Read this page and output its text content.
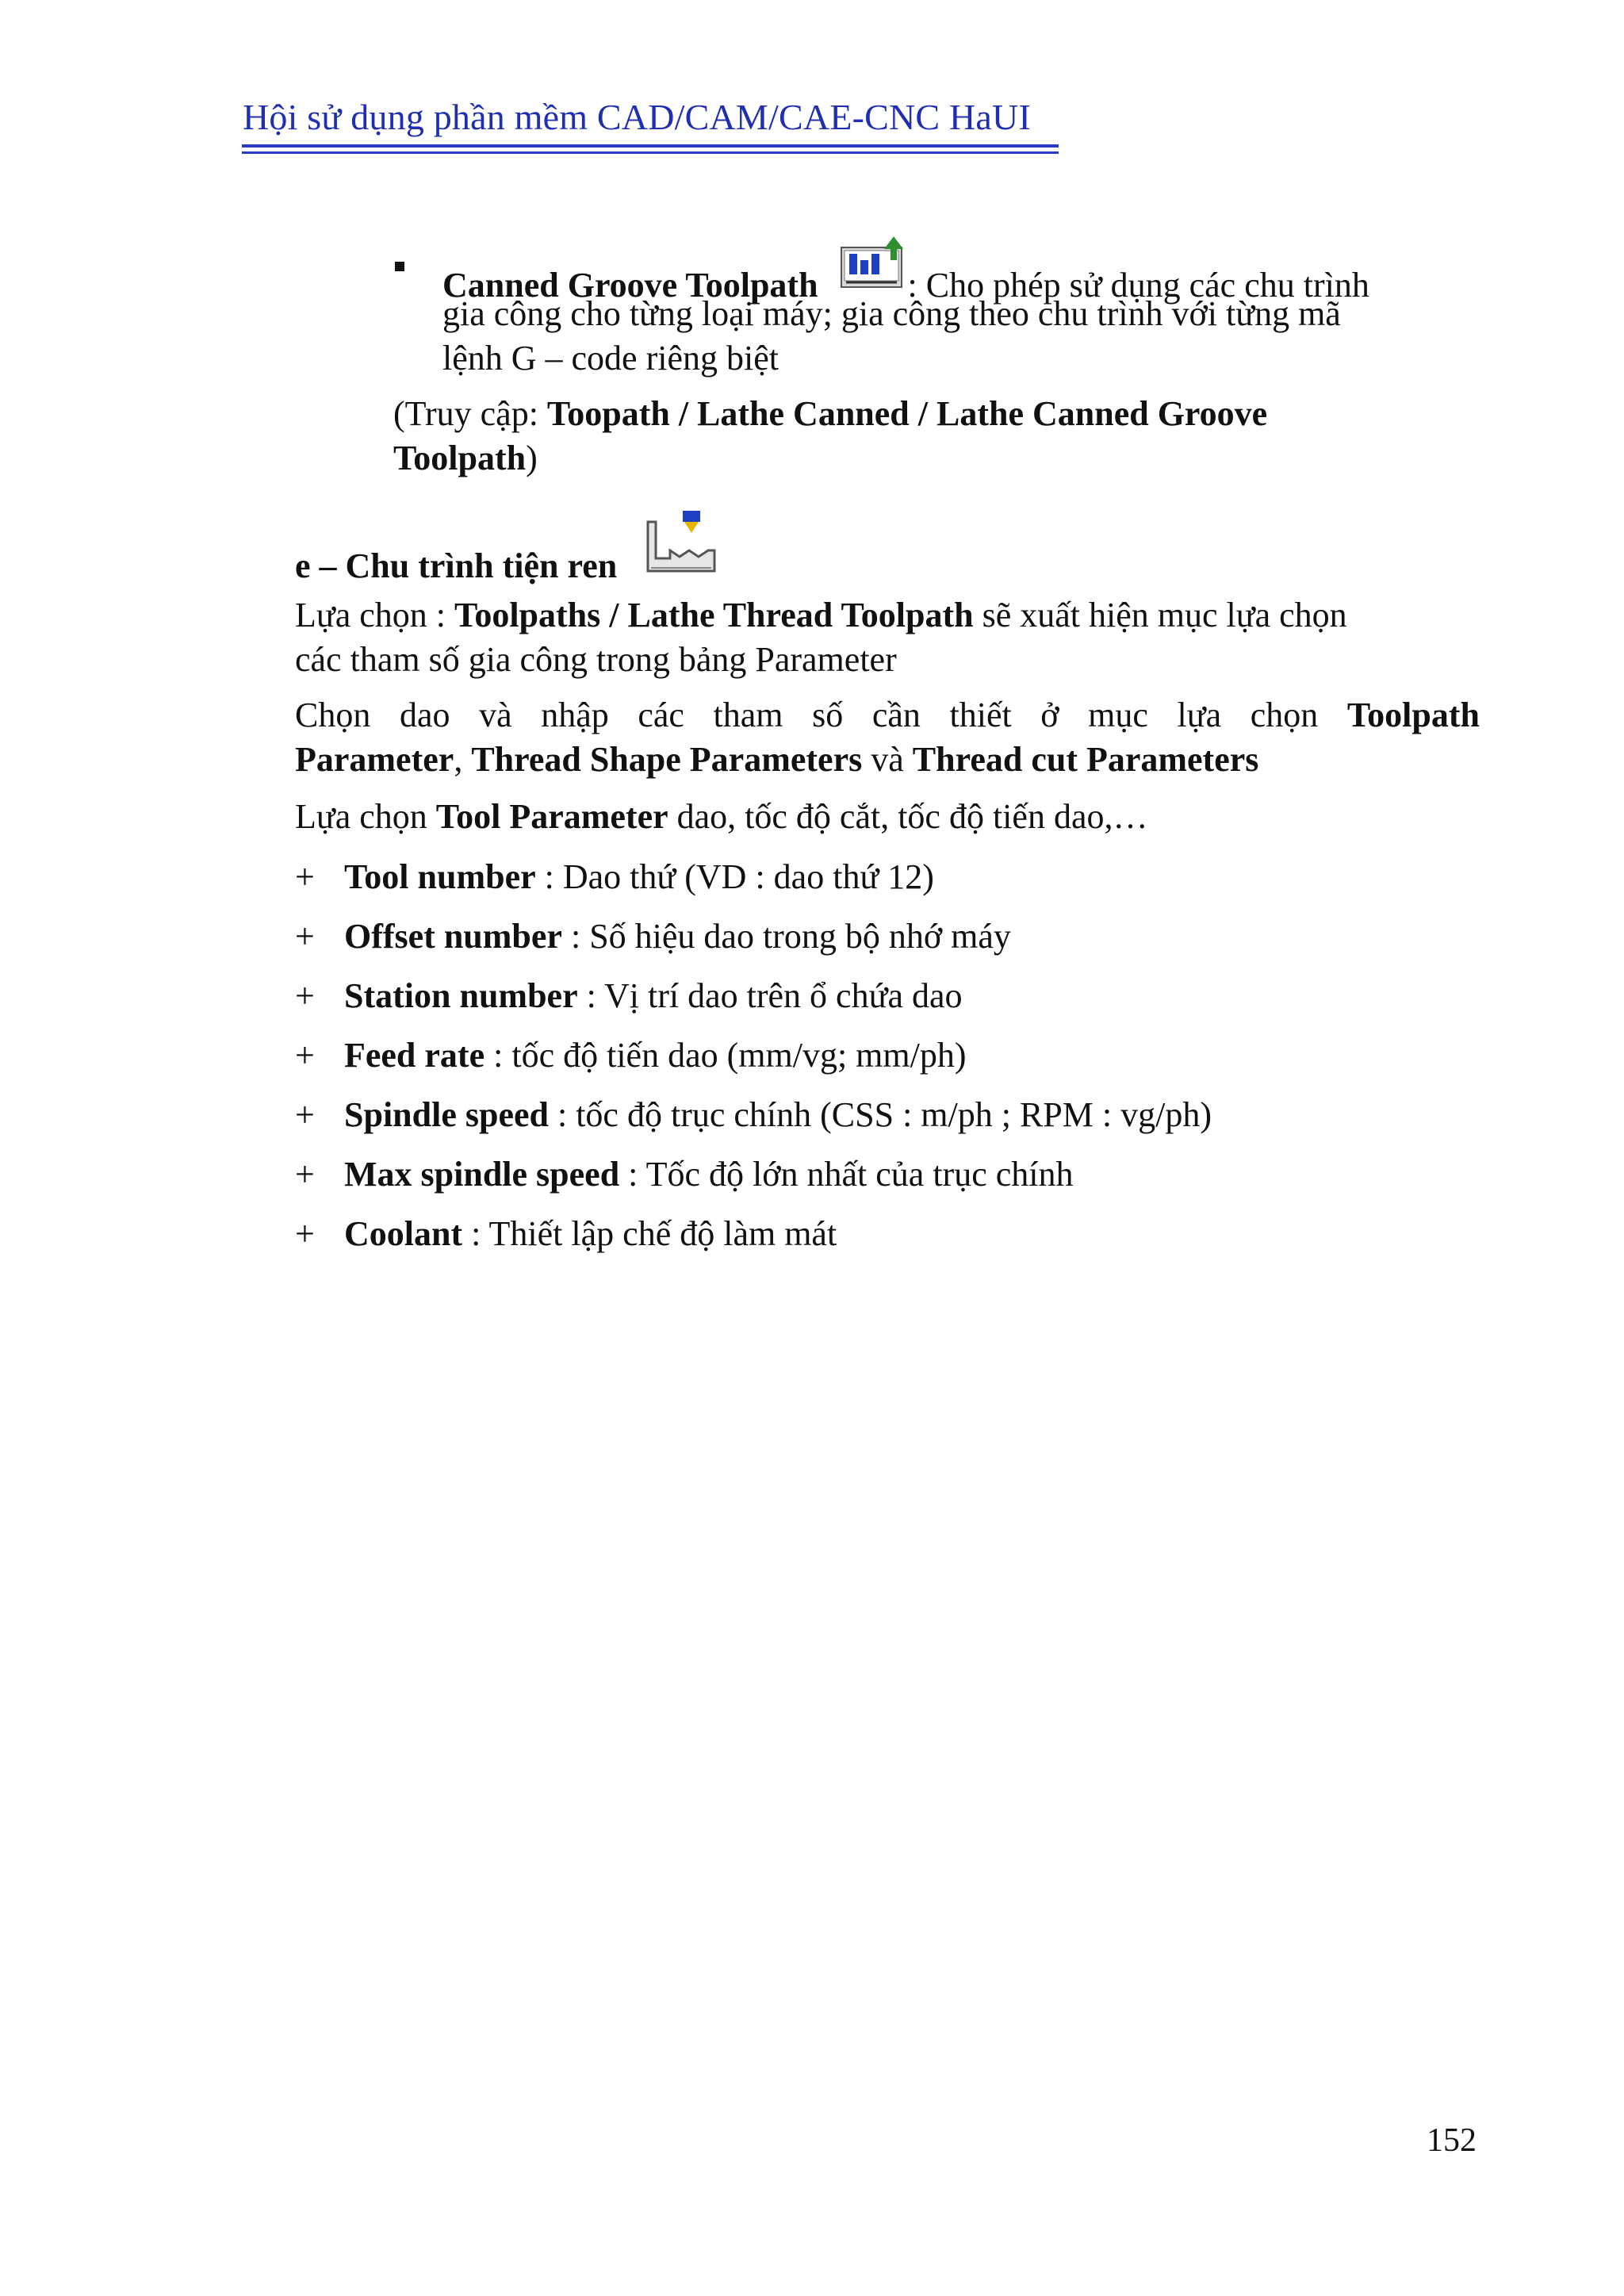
Hội sử dụng phần mềm CAD/CAM/CAE-CNC HaUI
Canned Groove Toolpath	: Cho phép sử dụng các chu trình
gia công cho từng loại máy; gia công theo chu trình với từng mã
lệnh G – code riêng biệt
(Truy cập: Toopath / Lathe Canned / Lathe Canned Groove
Toolpath)
e – Chu trình tiện ren
Lựa chọn : Toolpaths / Lathe Thread Toolpath sẽ xuất hiện mục lựa chọn
các tham số gia công trong bảng Parameter
Chọn dao và nhập các tham số cần thiết ở mục lựa chọn Toolpath
Parameter, Thread Shape Parameters và Thread cut Parameters
Lựa chọn Tool Parameter dao, tốc độ cắt, tốc độ tiến dao,…
+ Tool number : Dao thứ (VD : dao thứ 12)
+ Offset number : Số hiệu dao trong bộ nhớ máy
+ Station number : Vị trí dao trên ổ chứa dao
+ Feed rate : tốc độ tiến dao (mm/vg; mm/ph)
+ Spindle speed : tốc độ trục chính (CSS : m/ph ; RPM : vg/ph)
+ Max spindle speed : Tốc độ lớn nhất của trục chính
+ Coolant : Thiết lập chế độ làm mát
152
